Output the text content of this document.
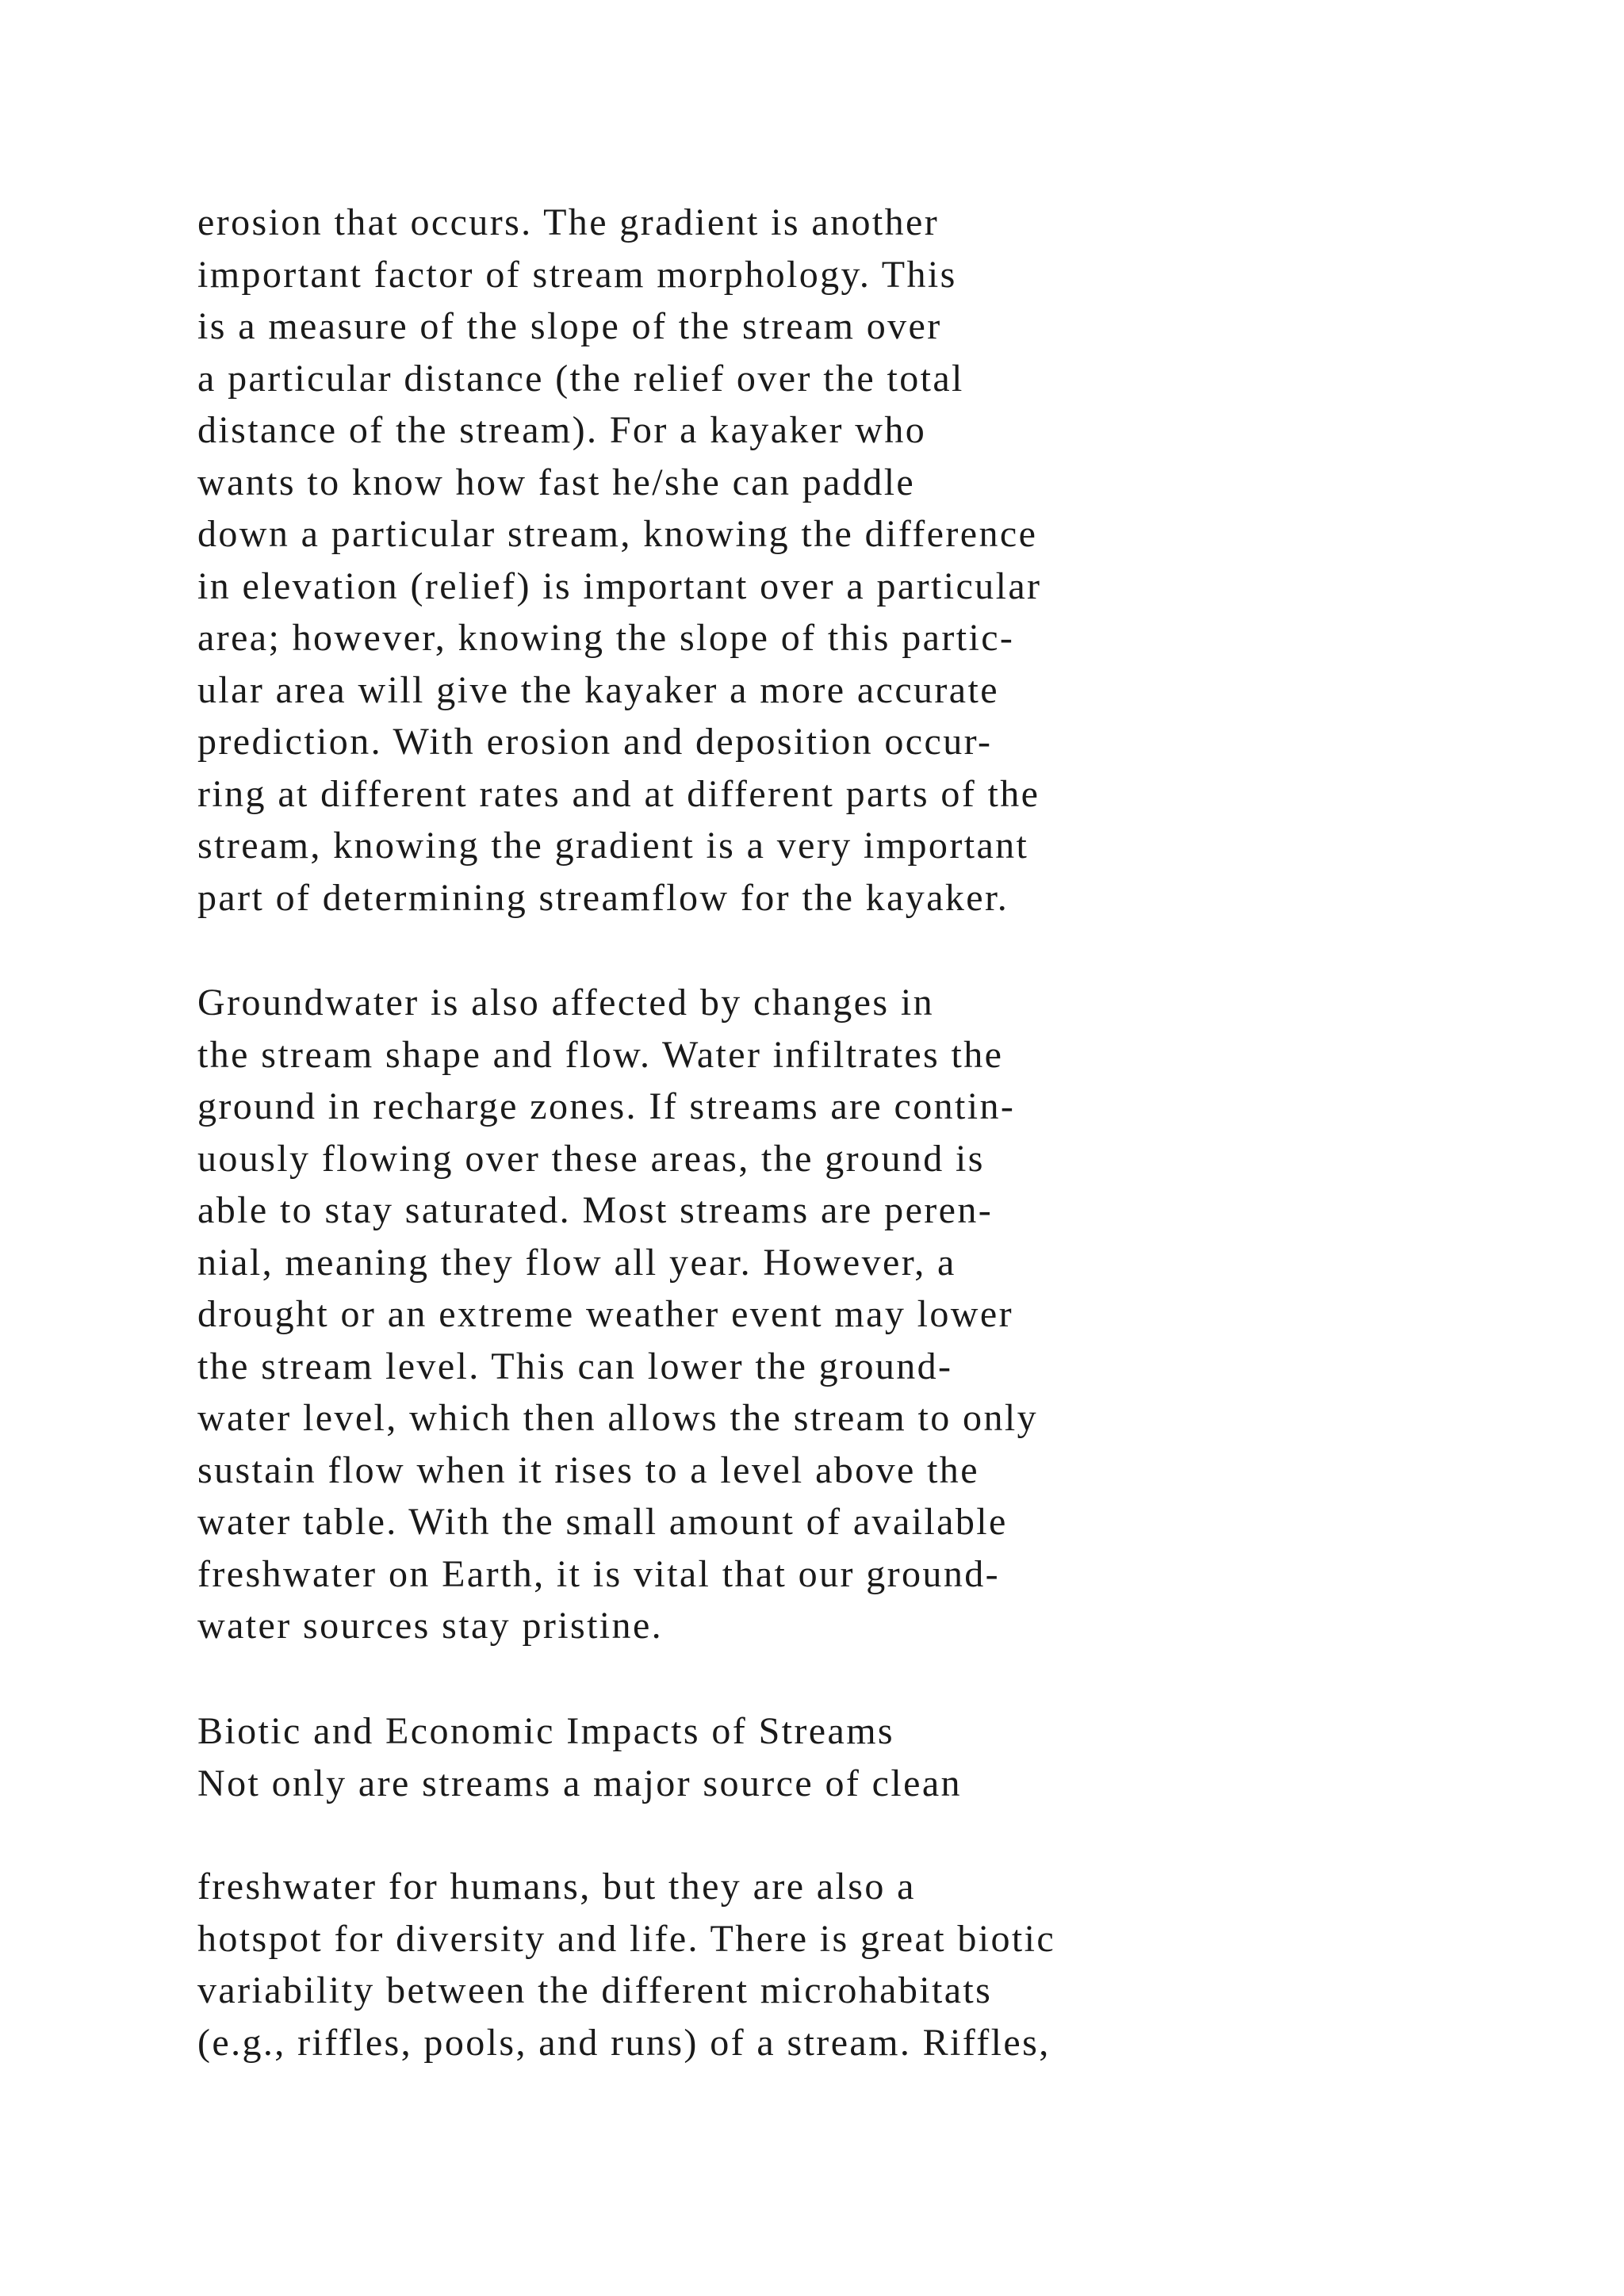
erosion that occurs. The gradient is another
important factor of stream morphology. This
is a measure of the slope of the stream over
a particular distance (the relief over the total
distance of the stream). For a kayaker who
wants to know how fast he/she can paddle
down a particular stream, knowing the difference
in elevation (relief) is important over a particular
area; however, knowing the slope of this partic-
ular area will give the kayaker a more accurate
prediction. With erosion and deposition occur-
ring at different rates and at different parts of the
stream, knowing the gradient is a very important
part of determining streamflow for the kayaker.

Groundwater is also affected by changes in
the stream shape and flow. Water infiltrates the
ground in recharge zones. If streams are contin-
uously flowing over these areas, the ground is
able to stay saturated. Most streams are peren-
nial, meaning they flow all year. However, a
drought or an extreme weather event may lower
the stream level. This can lower the ground-
water level, which then allows the stream to only
sustain flow when it rises to a level above the
water table. With the small amount of available
freshwater on Earth, it is vital that our ground-
water sources stay pristine.

Biotic and Economic Impacts of Streams
Not only are streams a major source of clean

freshwater for humans, but they are also a
hotspot for diversity and life. There is great biotic
variability between the different microhabitats
(e.g., riffles, pools, and runs) of a stream. Riffles,
